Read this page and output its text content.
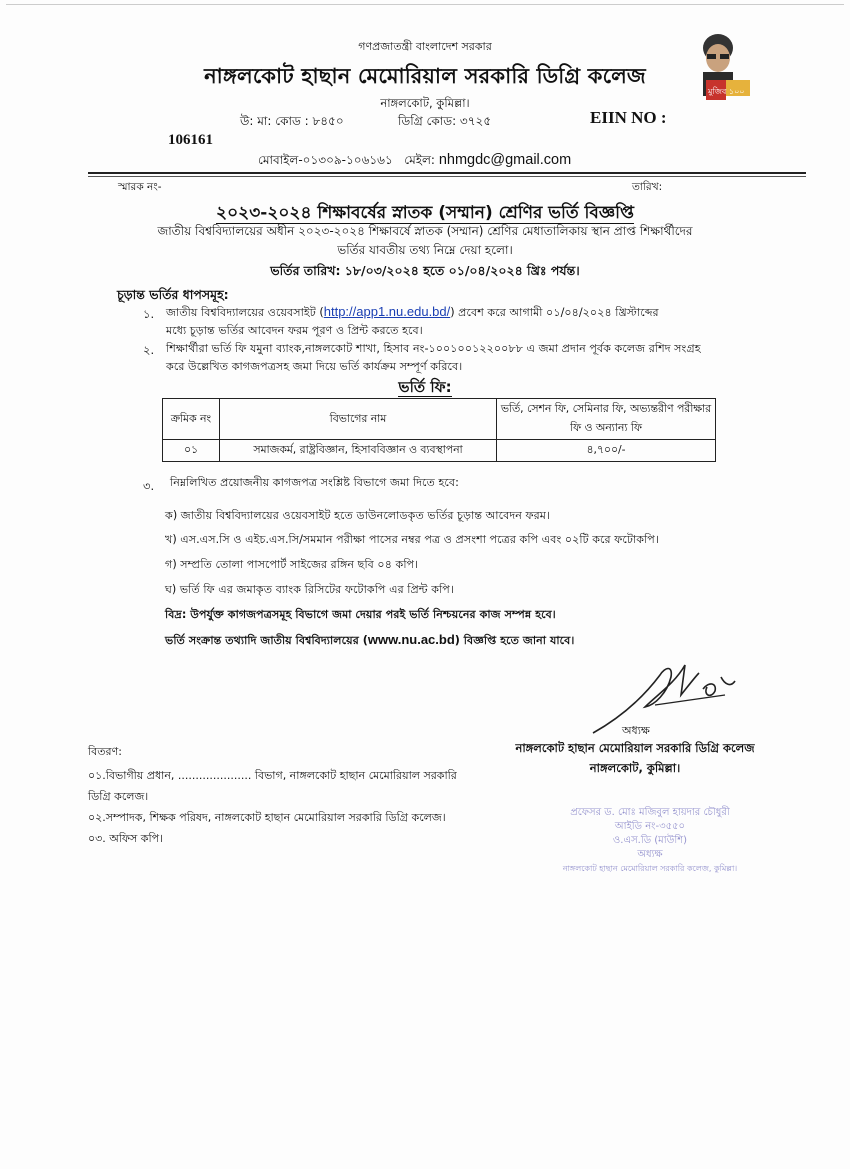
গণপ্রজাতন্ত্রী বাংলাদেশ সরকার
নাঙ্গলকোট হাছান মেমোরিয়াল সরকারি ডিগ্রি কলেজ
নাঙ্গলকোট, কুমিল্লা।
মুজিব ১০০
উ: মা: কোড : ৮৪৫০	ডিগ্রি কোড: ৩৭২৫	EIIN NO :
106161
মোবাইল-০১৩০৯-১০৬১৬১ মেইল: nhmgdc@gmail.com
স্মারক নং-	তারিখ:
২০২৩-২০২৪ শিক্ষাবর্ষের স্নাতক (সম্মান) শ্রেণির ভর্তি বিজ্ঞপ্তি
জাতীয় বিশ্ববিদ্যালয়ের অধীন ২০২৩-২০২৪ শিক্ষাবর্ষে স্নাতক (সম্মান) শ্রেণির মেধাতালিকায় স্থান প্রাপ্ত শিক্ষার্থীদের
ভর্তির যাবতীয় তথ্য নিম্নে দেয়া হলো।
ভর্তির তারিখ: ১৮/০৩/২০২৪ হতে ০১/০৪/২০২৪ খ্রিঃ পর্যন্ত।
চূড়ান্ত ভর্তির ধাপসমূহ:
১. জাতীয় বিশ্ববিদ্যালয়ের ওয়েবসাইট (http://app1.nu.edu.bd/) প্রবেশ করে আগামী ০১/০৪/২০২৪ খ্রিস্টাব্দের
মধ্যে চূড়ান্ত ভর্তির আবেদন ফরম পূরণ ও প্রিন্ট করতে হবে।
২. শিক্ষার্থীরা ভর্তি ফি যমুনা ব্যাংক,নাঙ্গলকোট শাখা, হিসাব নং-১০০১০০১২২০০৮৮ এ জমা প্রদান পূর্বক কলেজ রশিদ সংগ্রহ
করে উল্লেখিত কাগজপত্রসহ জমা দিয়ে ভর্তি কার্যক্রম সম্পূর্ণ করিবে।
ভর্তি ফি:
ক্রমিক নং	বিভাগের নাম	ভর্তি, সেশন ফি, সেমিনার ফি, অভ্যন্তরীণ পরীক্ষার ফি ও অন্যান্য ফি
০১	সমাজকর্ম, রাষ্ট্রবিজ্ঞান, হিসাববিজ্ঞান ও ব্যবস্থাপনা	৪,৭০০/-
৩. নিম্নলিখিত প্রয়োজনীয় কাগজপত্র সংশ্লিষ্ট বিভাগে জমা দিতে হবে:
ক) জাতীয় বিশ্ববিদ্যালয়ের ওয়েবসাইট হতে ডাউনলোডকৃত ভর্তির চূড়ান্ত আবেদন ফরম।
খ) এস.এস.সি ও এইচ.এস.সি/সমমান পরীক্ষা পাসের নম্বর পত্র ও প্রসংশা পত্রের কপি এবং ০২টি করে ফটোকপি।
গ) সম্প্রতি তোলা পাসপোর্ট সাইজের রঙ্গিন ছবি ০৪ কপি।
ঘ) ভর্তি ফি এর জমাকৃত ব্যাংক রিসিটের ফটোকপি এর প্রিন্ট কপি।
বিদ্র: উপর্যুক্ত কাগজপত্রসমূহ বিভাগে জমা দেয়ার পরই ভর্তি নিশ্চয়নের কাজ সম্পন্ন হবে।
ভর্তি সংক্রান্ত তথ্যাদি জাতীয় বিশ্ববিদ্যালয়ের (www.nu.ac.bd) বিজ্ঞপ্তি হতে জানা যাবে।
অধ্যক্ষ
নাঙ্গলকোট হাছান মেমোরিয়াল সরকারি ডিগ্রি কলেজ
নাঙ্গলকোট, কুমিল্লা।
প্রফেসর ড. মোঃ মজিবুল হায়দার চৌধুরী
আইডি নং-৩৫৫০
ও.এস.ডি (মাউশি)
অধ্যক্ষ
নাঙ্গলকোট হাছান মেমোরিয়াল সরকারি কলেজ, কুমিল্লা।
বিতরণ:
০১.বিভাগীয় প্রধান, ..................... বিভাগ, নাঙ্গলকোট হাছান মেমোরিয়াল সরকারি
ডিগ্রি কলেজ।
০২.সম্পাদক, শিক্ষক পরিষদ, নাঙ্গলকোট হাছান মেমোরিয়াল সরকারি ডিগ্রি কলেজ।
০৩. অফিস কপি।
